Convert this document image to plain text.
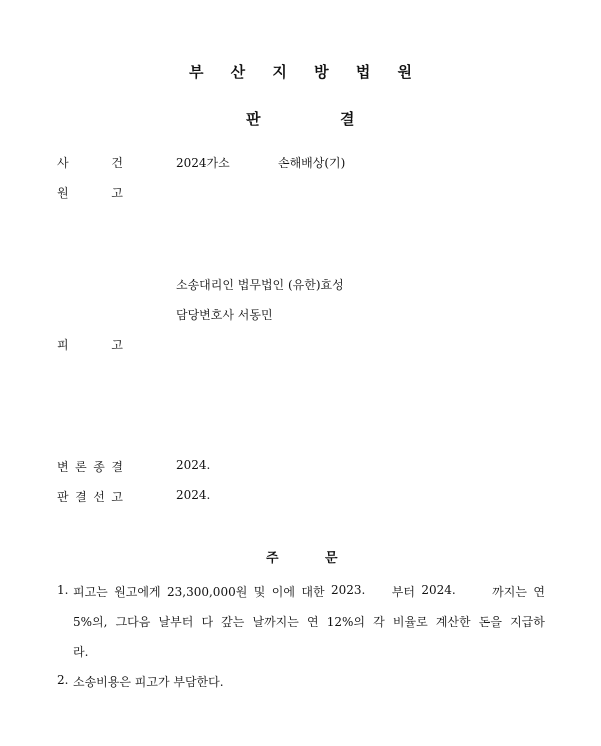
부 산 지 방 법 원
판	결
사	건	2024가소	손해배상(기)
원	고
소송대리인 법무법인 (유한)효성
담당변호사 서동민
피	고
변 론 종 결	2024.
판 결 선 고	2024.
주	문
1. 피고는 원고에게 23,300,000원 및 이에 대한 2023. 부터 2024.	까지는 연
5%의, 그다음 날부터 다 갚는 날까지는 연 12%의 각 비율로 계산한 돈을 지급하
라.
2. 소송비용은 피고가 부담한다.
